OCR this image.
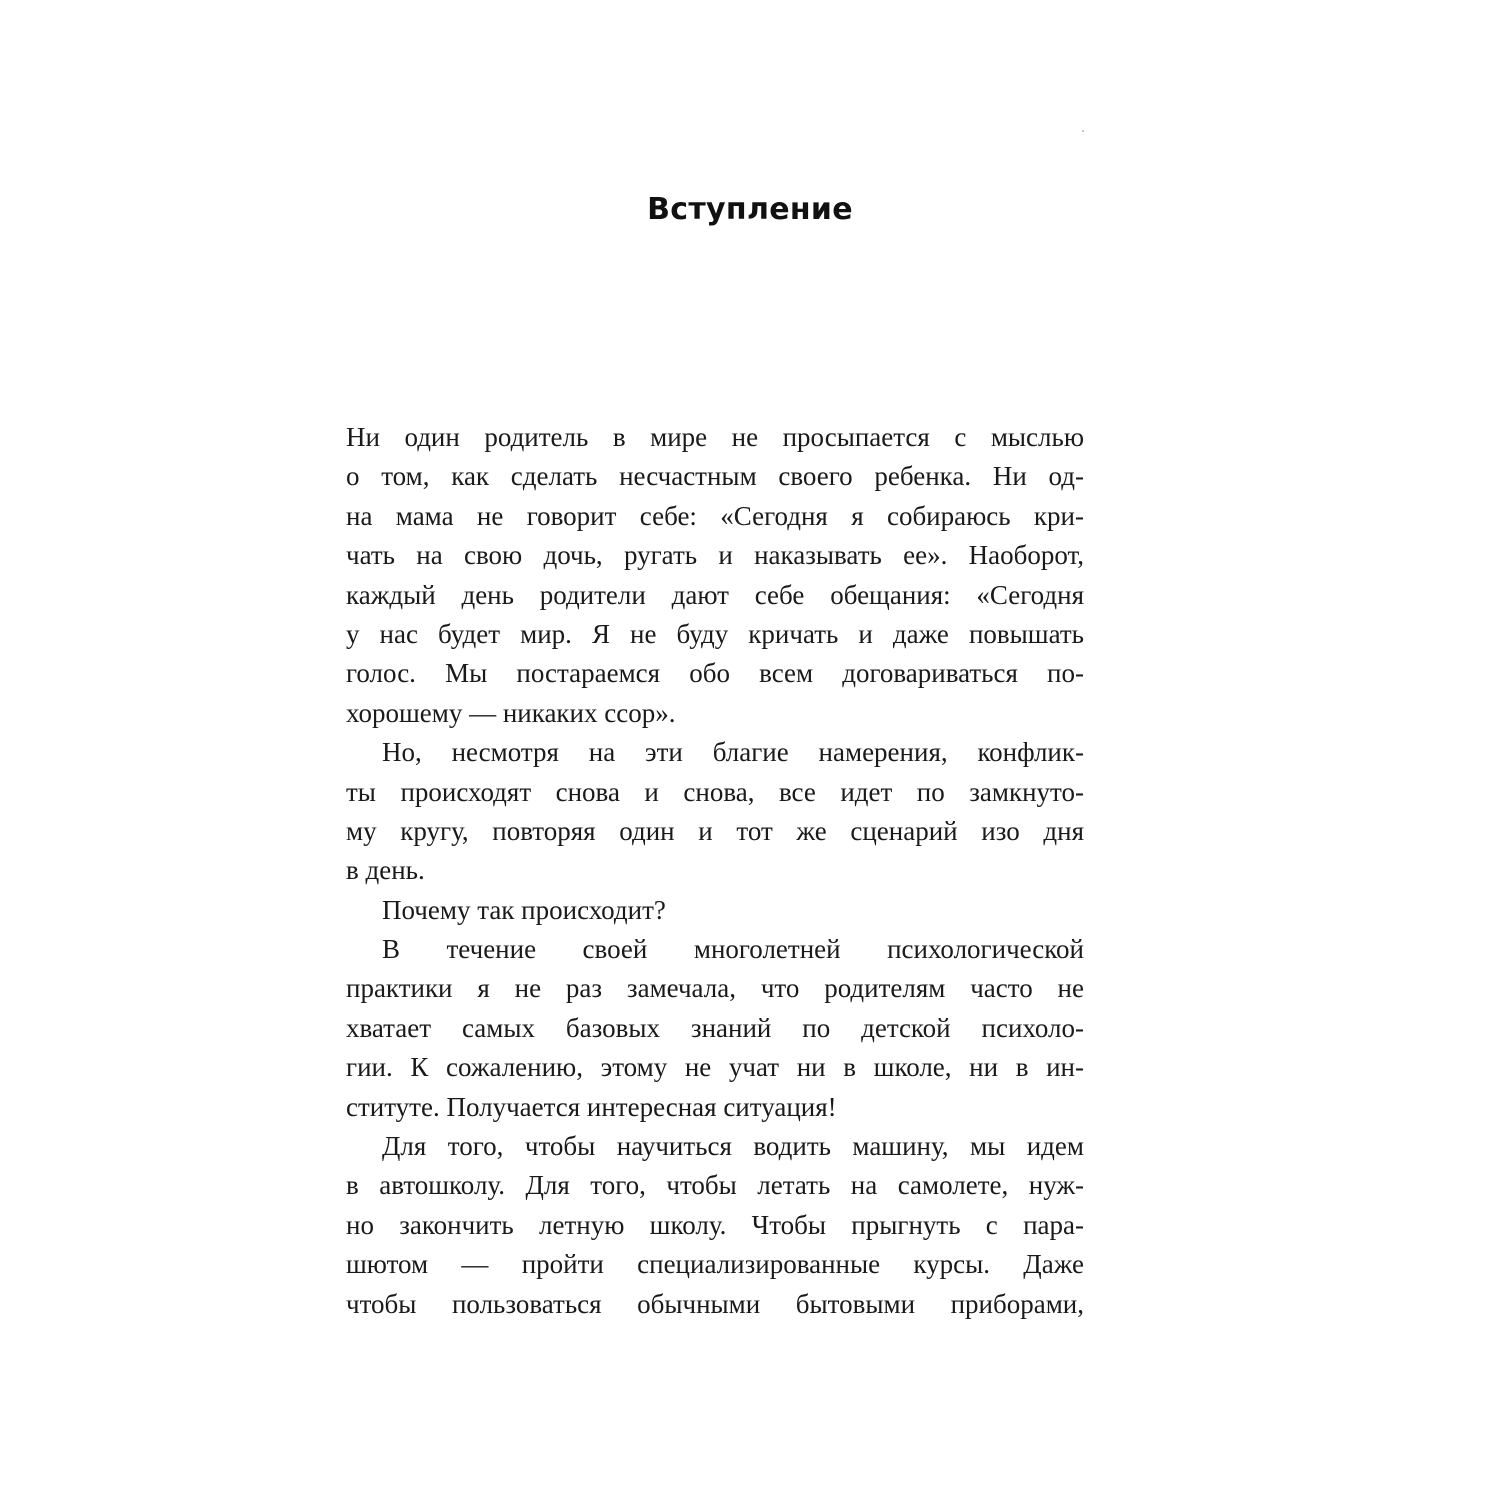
Вступление
Ни один родитель в мире не просыпается с мыслью
о том, как сделать несчастным своего ребенка. Ни од-
на мама не говорит себе: «Сегодня я собираюсь кри-
чать на свою дочь, ругать и наказывать ее». Наоборот,
каждый день родители дают себе обещания: «Сегодня
у нас будет мир. Я не буду кричать и даже повышать
голос. Мы постараемся обо всем договариваться по-
хорошему — никаких ссор».
Но, несмотря на эти благие намерения, конфлик-
ты происходят снова и снова, все идет по замкнуто-
му кругу, повторяя один и тот же сценарий изо дня
в день.
Почему так происходит?
В течение своей многолетней психологической
практики я не раз замечала, что родителям часто не
хватает самых базовых знаний по детской психоло-
гии. К сожалению, этому не учат ни в школе, ни в ин-
ституте. Получается интересная ситуация!
Для того, чтобы научиться водить машину, мы идем
в автошколу. Для того, чтобы летать на самолете, нуж-
но закончить летную школу. Чтобы прыгнуть с пара-
шютом — пройти специализированные курсы. Даже
чтобы пользоваться обычными бытовыми приборами,
